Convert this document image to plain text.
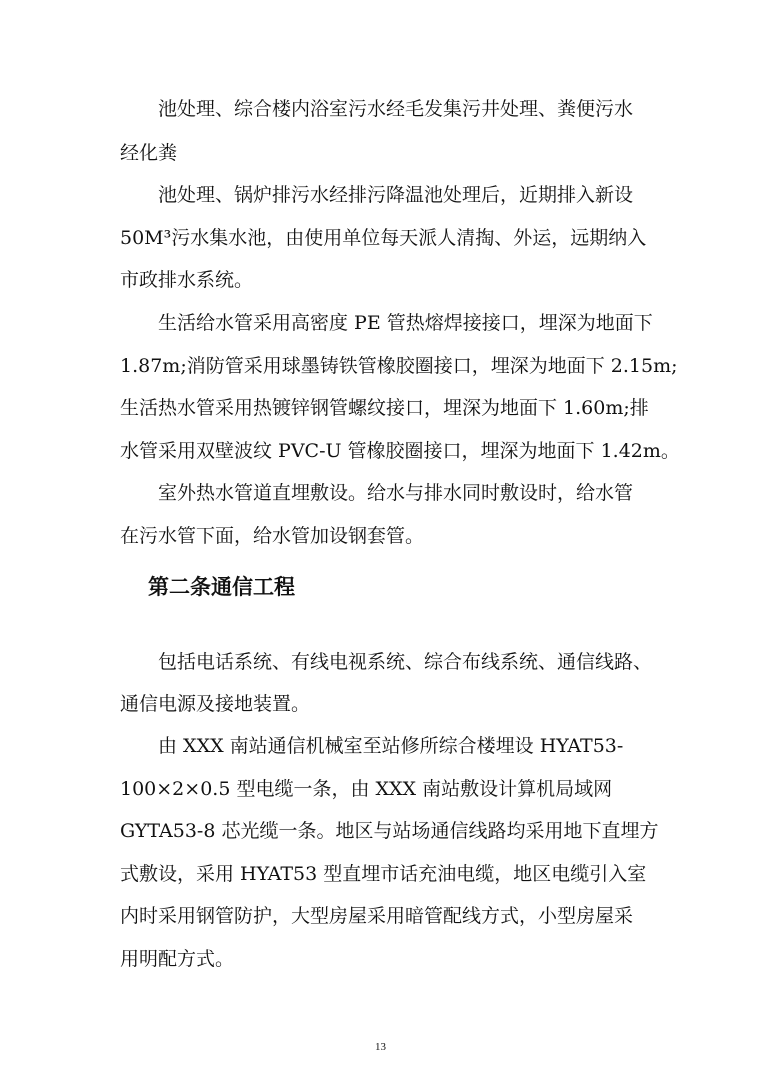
池处理、综合楼内浴室污水经毛发集污井处理、粪便污水
经化粪
池处理、锅炉排污水经排污降温池处理后，近期排入新设
50M³污水集水池，由使用单位每天派人清掏、外运，远期纳入
市政排水系统。
生活给水管采用高密度 PE 管热熔焊接接口，埋深为地面下
1.87m;消防管采用球墨铸铁管橡胶圈接口，埋深为地面下 2.15m;
生活热水管采用热镀锌钢管螺纹接口，埋深为地面下 1.60m;排
水管采用双壁波纹 PVC-U 管橡胶圈接口，埋深为地面下 1.42m。
室外热水管道直埋敷设。给水与排水同时敷设时，给水管
在污水管下面，给水管加设钢套管。
第二条通信工程
包括电话系统、有线电视系统、综合布线系统、通信线路、
通信电源及接地装置。
由 XXX 南站通信机械室至站修所综合楼埋设 HYAT53-
100×2×0.5 型电缆一条，由 XXX 南站敷设计算机局域网
GYTA53-8 芯光缆一条。地区与站场通信线路均采用地下直埋方
式敷设，采用 HYAT53 型直埋市话充油电缆，地区电缆引入室
内时采用钢管防护，大型房屋采用暗管配线方式，小型房屋采
用明配方式。
13
